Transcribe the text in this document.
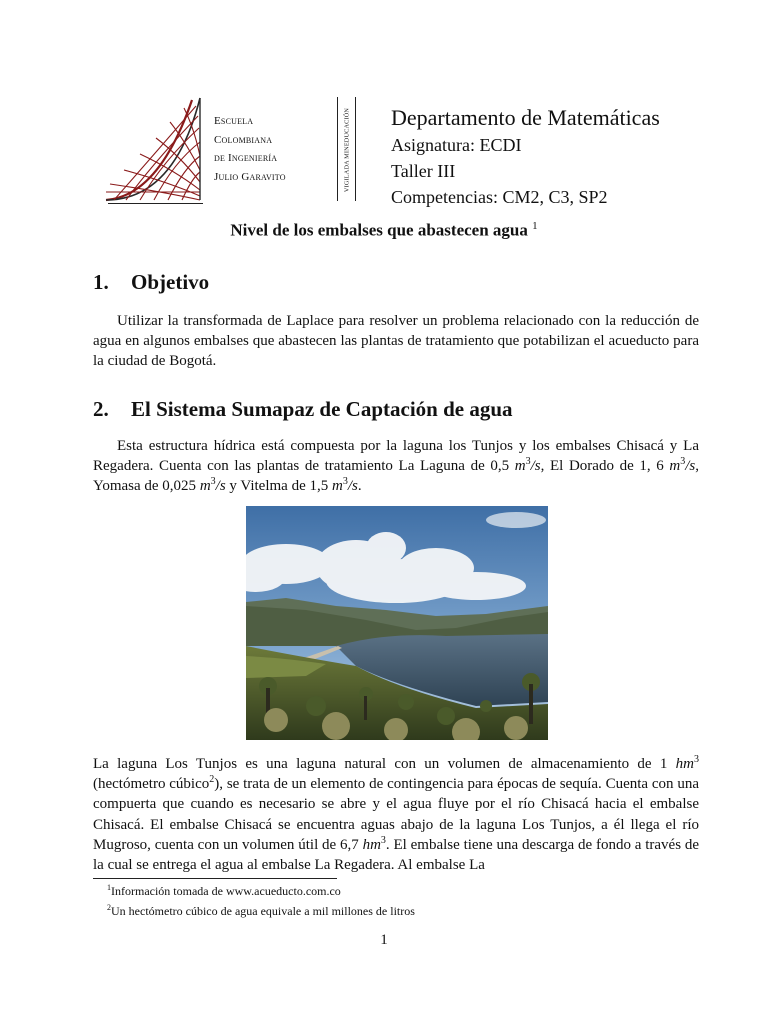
Escuela
Colombiana
de Ingeniería
Julio Garavito	VIGILADA MINEDUCACIÓN Departamento de Matemáticas
Asignatura: ECDI
Taller III
Competencias: CM2, C3, SP2
Nivel de los embalses que abastecen agua $^1$
1. Objetivo
Utilizar la transformada de Laplace para resolver un problema relacionado con la reducción de agua en algunos embalses que abastecen las plantas de tratamiento que potabilizan el acueducto para la ciudad de Bogotá.
2. El Sistema Sumapaz de Captación de agua
Esta estructura hídrica está compuesta por la laguna los Tunjos y los embalses Chisacá y La Regadera. Cuenta con las plantas de tratamiento La Laguna de 0,5 $m^3/s$, El Dorado de 1, 6 $m^3/s$, Yomasa de 0,025 $m^3/s$ y Vitelma de 1,5 $m^3/s$.
La laguna Los Tunjos es una laguna natural con un volumen de almacenamiento de 1 $hm^3$ (hectómetro cúbico$^2$), se trata de un elemento de contingencia para épocas de sequía. Cuenta con una compuerta que cuando es necesario se abre y el agua fluye por el río Chisacá hacia el embalse Chisacá. El embalse Chisacá se encuentra aguas abajo de la laguna Los Tunjos, a él llega el río Mugroso, cuenta con un volumen útil de 6,7 $hm^3$. El embalse tiene una descarga de fondo a través de la cual se entrega el agua al embalse La Regadera. Al embalse La
$^1$Información tomada de www.acueducto.com.co
$^2$Un hectómetro cúbico de agua equivale a mil millones de litros
1
